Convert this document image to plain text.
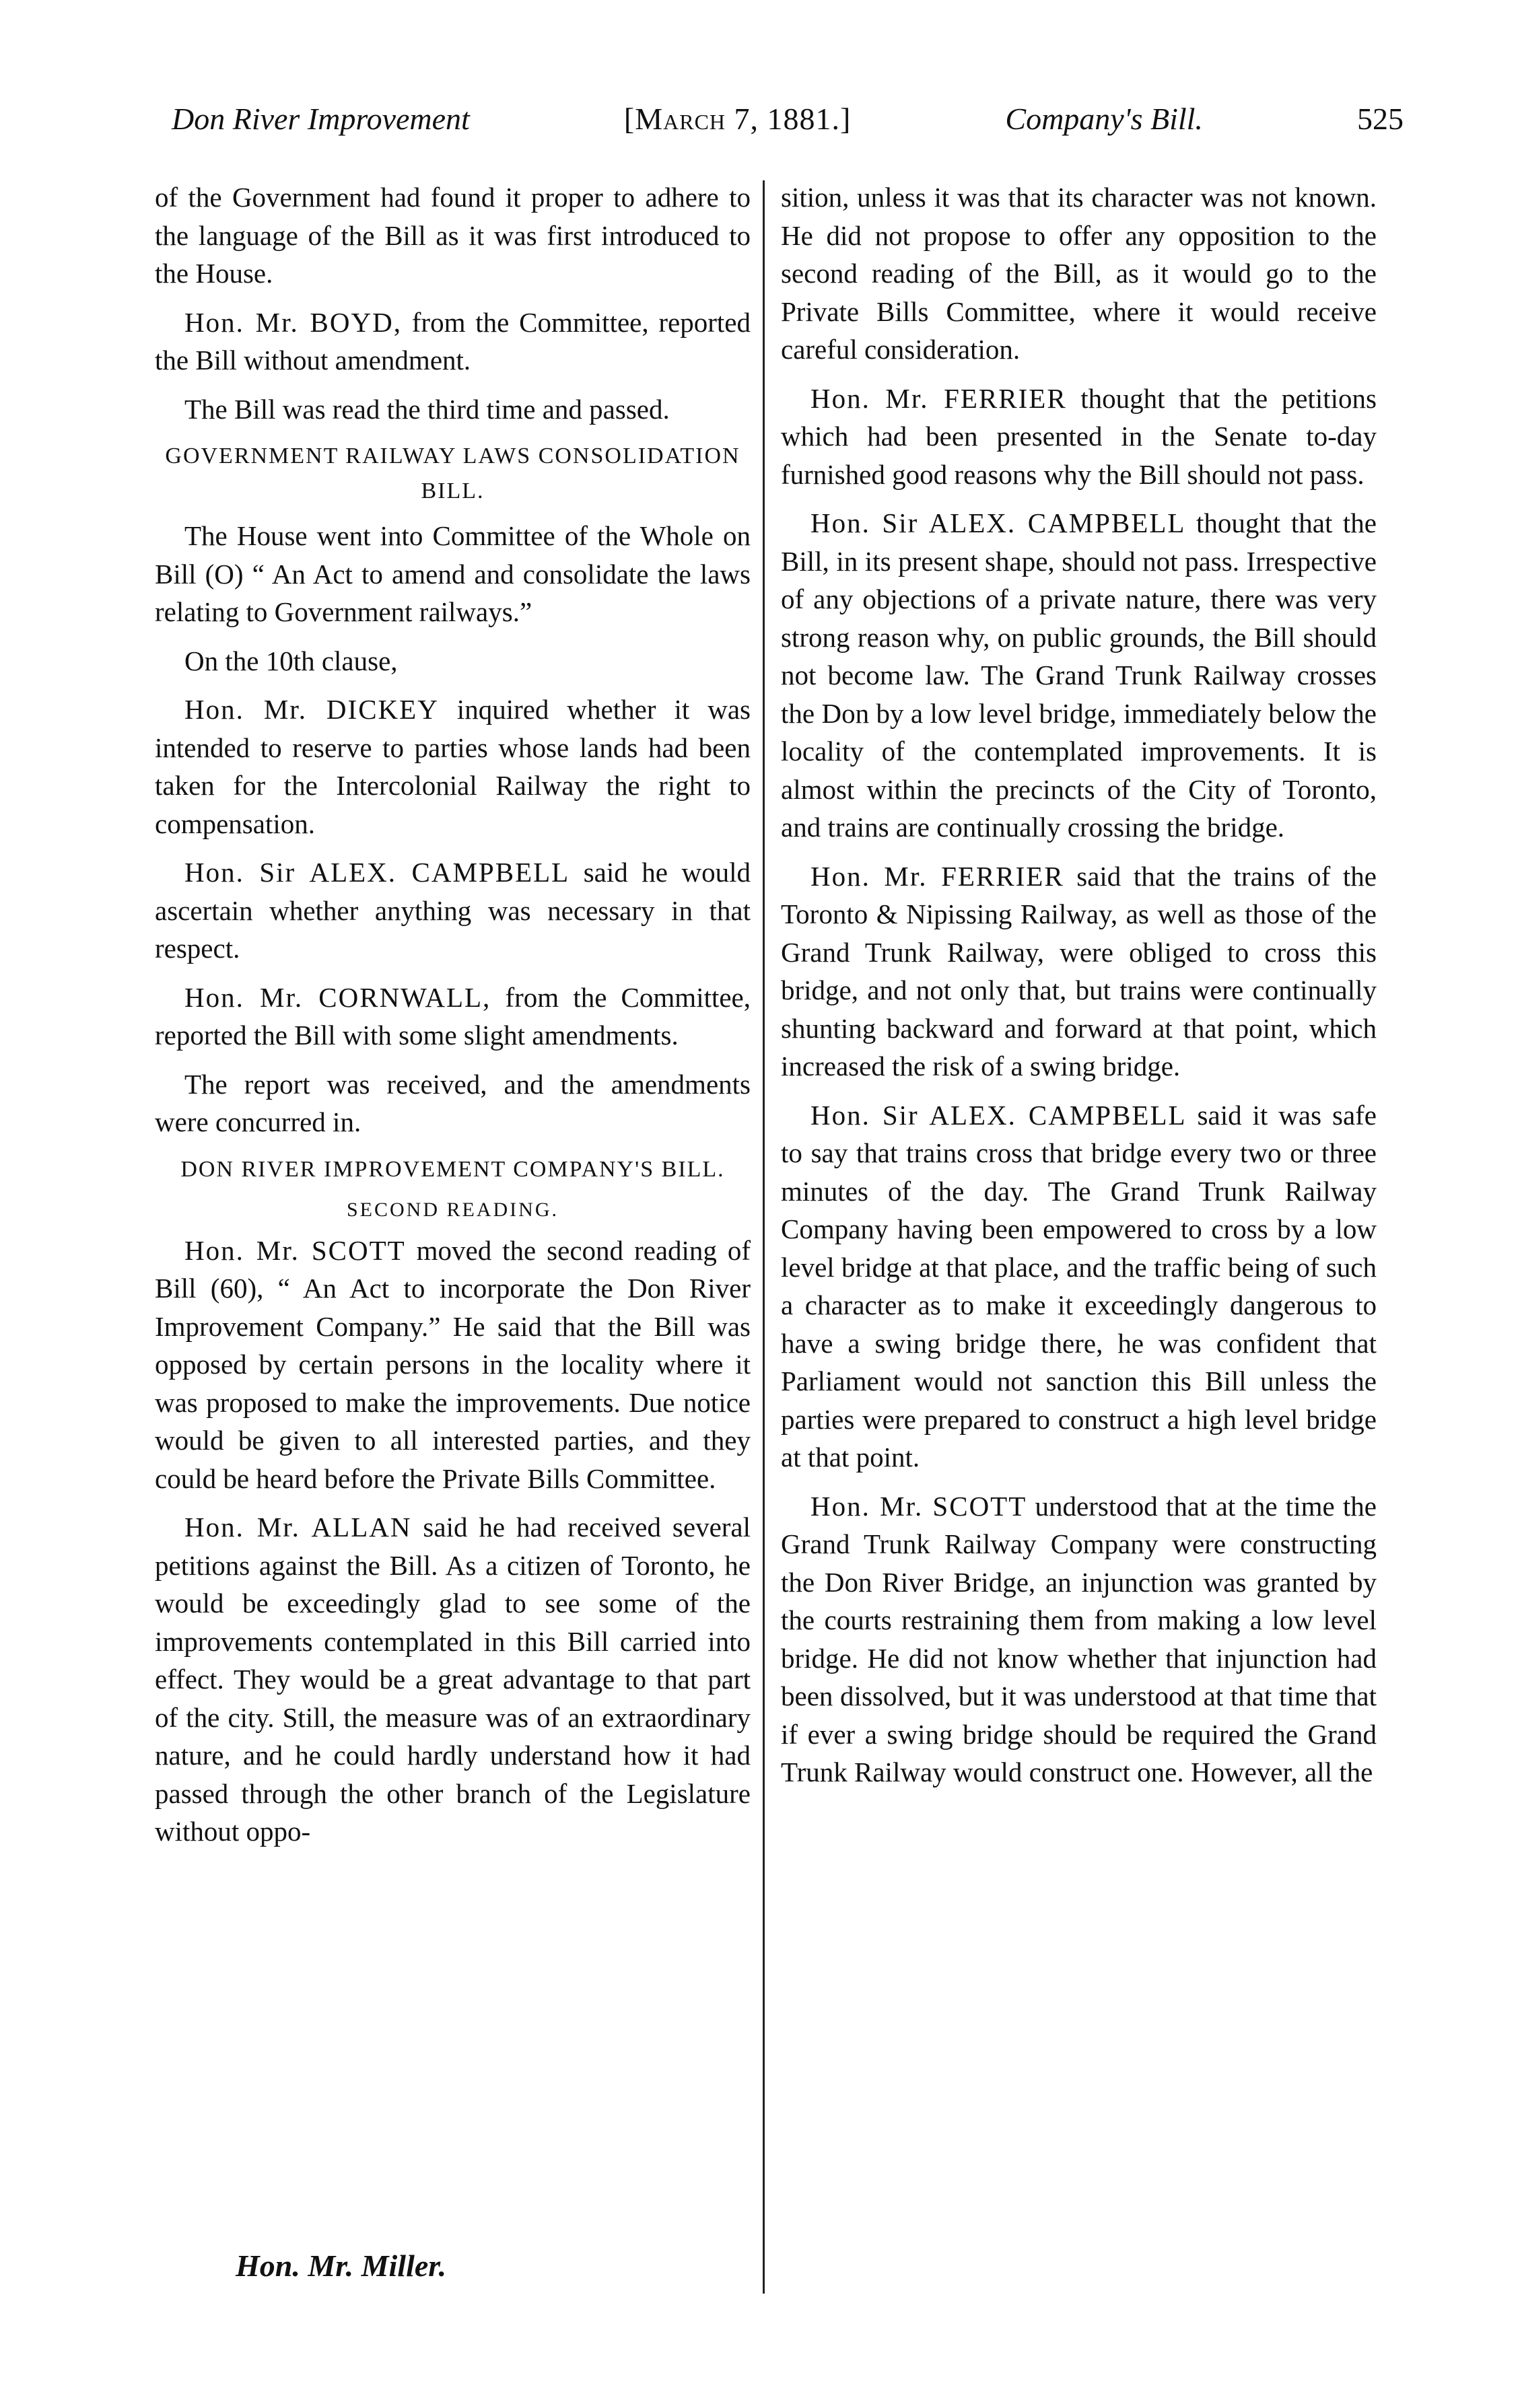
Don River Improvement	[March 7, 1881.]	Company's Bill.	525

of the Government had found it proper to adhere to the language of the Bill as it was first introduced to the House.

Hon. Mr. BOYD, from the Committee, reported the Bill without amendment.

The Bill was read the third time and passed.

GOVERNMENT RAILWAY LAWS CONSOLIDATION BILL.

The House went into Committee of the Whole on Bill (O) “ An Act to amend and consolidate the laws relating to Government railways.”

On the 10th clause,

Hon. Mr. DICKEY inquired whether it was intended to reserve to parties whose lands had been taken for the Intercolonial Railway the right to compensation.

Hon. Sir ALEX. CAMPBELL said he would ascertain whether anything was necessary in that respect.

Hon. Mr. CORNWALL, from the Committee, reported the Bill with some slight amendments.

The report was received, and the amendments were concurred in.

DON RIVER IMPROVEMENT COMPANY'S BILL.
SECOND READING.

Hon. Mr. SCOTT moved the second reading of Bill (60), “ An Act to incorporate the Don River Improvement Company.” He said that the Bill was opposed by certain persons in the locality where it was proposed to make the improvements. Due notice would be given to all interested parties, and they could be heard before the Private Bills Committee.

Hon. Mr. ALLAN said he had received several petitions against the Bill. As a citizen of Toronto, he would be exceedingly glad to see some of the improvements contemplated in this Bill carried into effect. They would be a great advantage to that part of the city. Still, the measure was of an extraordinary nature, and he could hardly understand how it had passed through the other branch of the Legislature without oppo-

sition, unless it was that its character was not known. He did not propose to offer any opposition to the second reading of the Bill, as it would go to the Private Bills Committee, where it would receive careful consideration.

Hon. Mr. FERRIER thought that the petitions which had been presented in the Senate to-day furnished good reasons why the Bill should not pass.

Hon. Sir ALEX. CAMPBELL thought that the Bill, in its present shape, should not pass. Irrespective of any objections of a private nature, there was very strong reason why, on public grounds, the Bill should not become law. The Grand Trunk Railway crosses the Don by a low level bridge, immediately below the locality of the contemplated improvements. It is almost within the precincts of the City of Toronto, and trains are continually crossing the bridge.

Hon. Mr. FERRIER said that the trains of the Toronto & Nipissing Railway, as well as those of the Grand Trunk Railway, were obliged to cross this bridge, and not only that, but trains were continually shunting backward and forward at that point, which increased the risk of a swing bridge.

Hon. Sir ALEX. CAMPBELL said it was safe to say that trains cross that bridge every two or three minutes of the day. The Grand Trunk Railway Company having been empowered to cross by a low level bridge at that place, and the traffic being of such a character as to make it exceedingly dangerous to have a swing bridge there, he was confident that Parliament would not sanction this Bill unless the parties were prepared to construct a high level bridge at that point.

Hon. Mr. SCOTT understood that at the time the Grand Trunk Railway Company were constructing the Don River Bridge, an injunction was granted by the courts restraining them from making a low level bridge. He did not know whether that injunction had been dissolved, but it was understood at that time that if ever a swing bridge should be required the Grand Trunk Railway would construct one. However, all the

Hon. Mr. Miller.
